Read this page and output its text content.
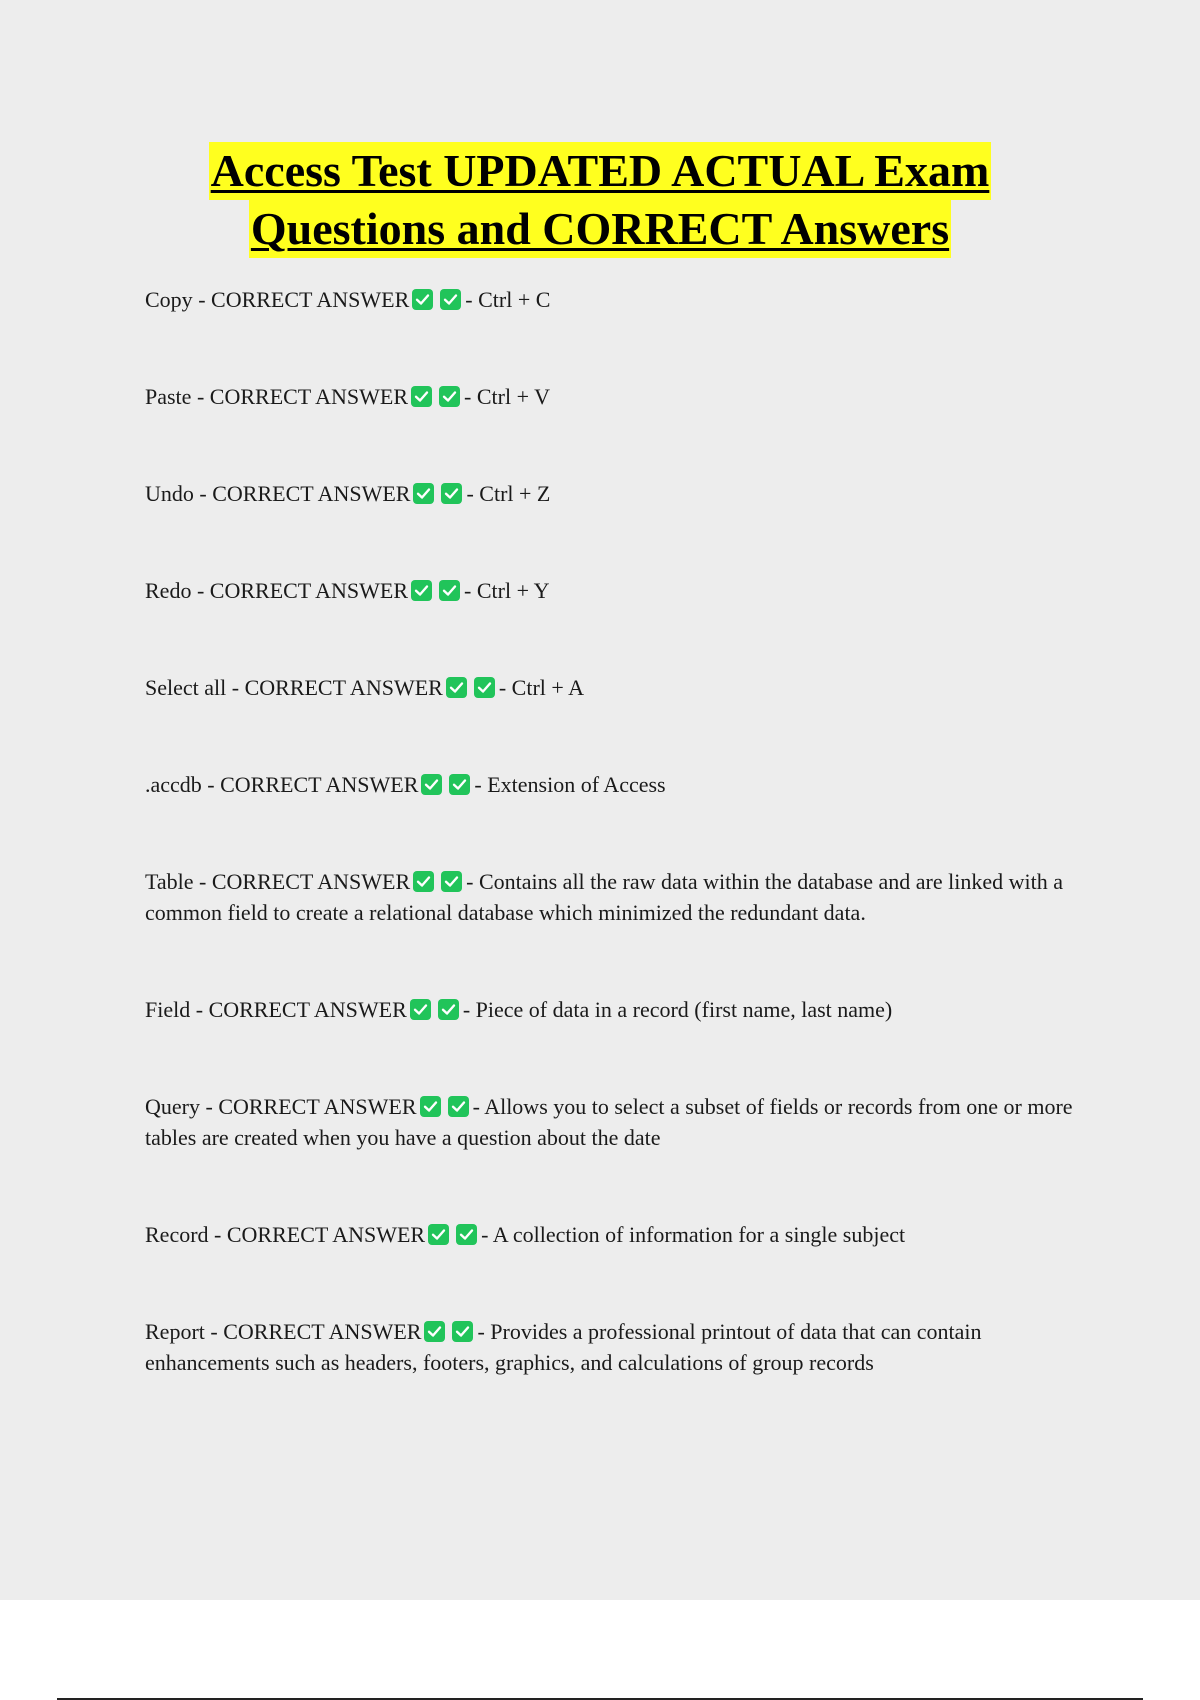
Access Test UPDATED ACTUAL Exam
Questions and CORRECT Answers

Copy - CORRECT ANSWER	- Ctrl + C

Paste - CORRECT ANSWER	- Ctrl + V

Undo - CORRECT ANSWER	- Ctrl + Z

Redo - CORRECT ANSWER	- Ctrl + Y

Select all - CORRECT ANSWER	- Ctrl + A

.accdb - CORRECT ANSWER	- Extension of Access

Table - CORRECT ANSWER	- Contains all the raw data within the database and are linked with a common field to create a relational database which minimized the redundant data.

Field - CORRECT ANSWER	- Piece of data in a record (first name, last name)

Query - CORRECT ANSWER	- Allows you to select a subset of fields or records from one or more tables are created when you have a question about the date

Record - CORRECT ANSWER	- A collection of information for a single subject

Report - CORRECT ANSWER	- Provides a professional printout of data that can contain enhancements such as headers, footers, graphics, and calculations of group records
